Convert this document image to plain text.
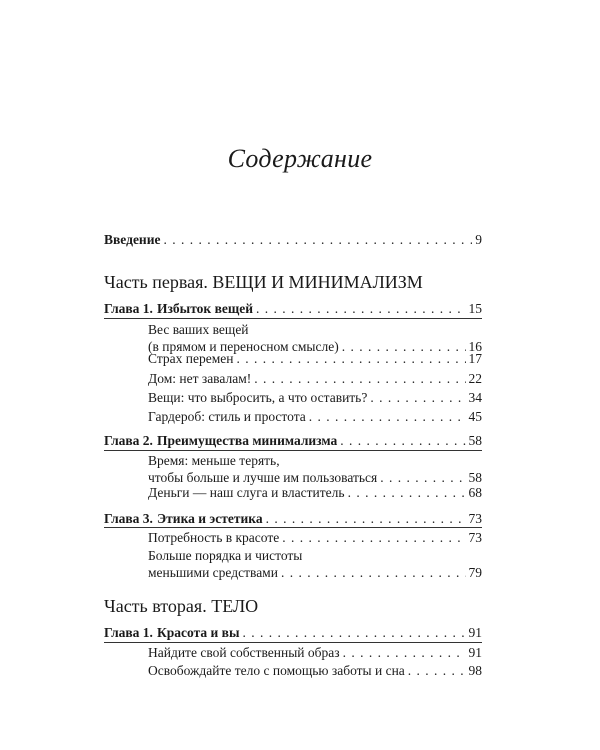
Содержание
Введение . . .	9
Часть первая. ВЕЩИ И МИНИМАЛИЗМ
Глава 1. Избыток вещей . . .	15
Вес ваших вещей
(в прямом и переносном смысле) . . .	16
Страх перемен . . .	17
Дом: нет завалам! . . .	22
Вещи: что выбросить, а что оставить? . . .	34
Гардероб: стиль и простота . . .	45
Глава 2. Преимущества минимализма . . .	58
Время: меньше терять,
чтобы больше и лучше им пользоваться . . .	58
Деньги — наш слуга и властитель . . .	68
Глава 3. Этика и эстетика . . .	73
Потребность в красоте . . .	73
Больше порядка и чистоты
меньшими средствами . . .	79
Часть вторая. ТЕЛО
Глава 1. Красота и вы . . .	91
Найдите свой собственный образ . . .	91
Освобождайте тело с помощью заботы и сна . . .	98
